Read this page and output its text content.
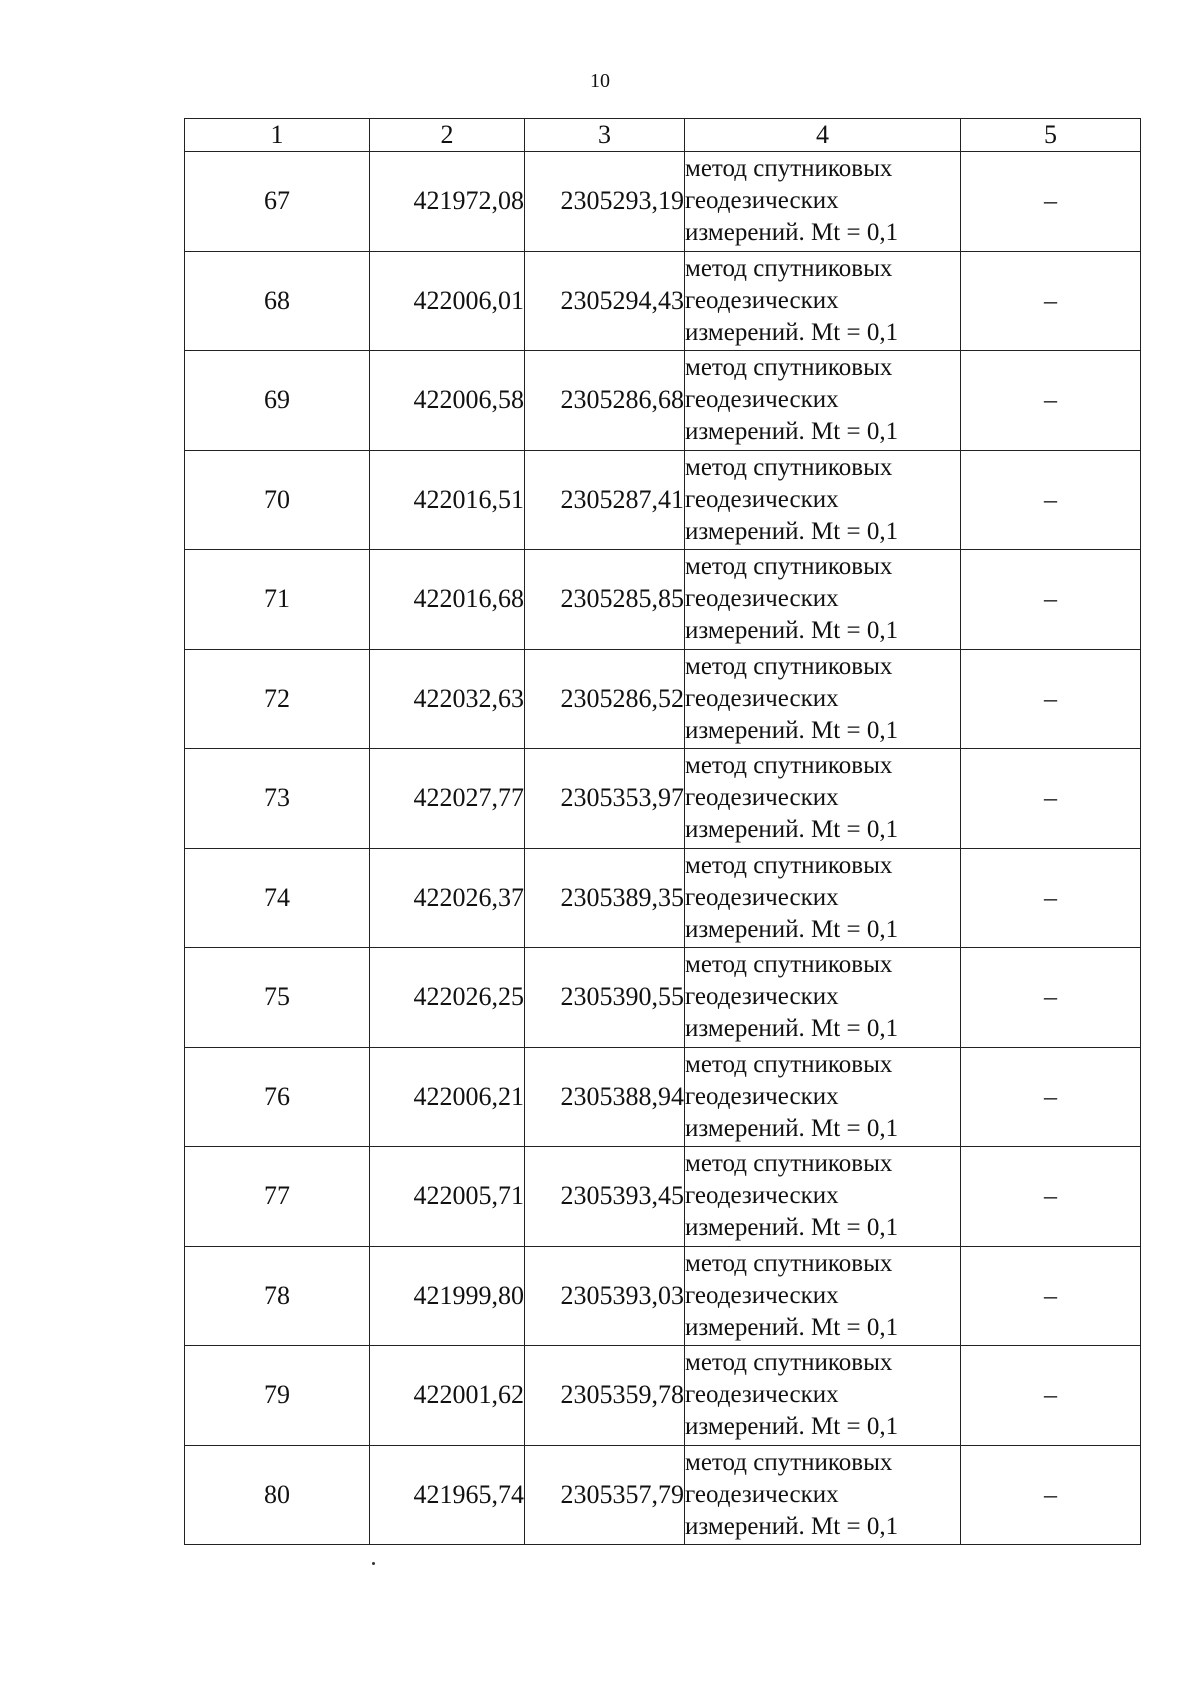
10
1	2	3	4	5
67	421972,08	2305293,19	метод спутниковых
геодезических
измерений. Mt = 0,1	–
68	422006,01	2305294,43	метод спутниковых
геодезических
измерений. Mt = 0,1	–
69	422006,58	2305286,68	метод спутниковых
геодезических
измерений. Mt = 0,1	–
70	422016,51	2305287,41	метод спутниковых
геодезических
измерений. Mt = 0,1	–
71	422016,68	2305285,85	метод спутниковых
геодезических
измерений. Mt = 0,1	–
72	422032,63	2305286,52	метод спутниковых
геодезических
измерений. Mt = 0,1	–
73	422027,77	2305353,97	метод спутниковых
геодезических
измерений. Mt = 0,1	–
74	422026,37	2305389,35	метод спутниковых
геодезических
измерений. Mt = 0,1	–
75	422026,25	2305390,55	метод спутниковых
геодезических
измерений. Mt = 0,1	–
76	422006,21	2305388,94	метод спутниковых
геодезических
измерений. Mt = 0,1	–
77	422005,71	2305393,45	метод спутниковых
геодезических
измерений. Mt = 0,1	–
78	421999,80	2305393,03	метод спутниковых
геодезических
измерений. Mt = 0,1	–
79	422001,62	2305359,78	метод спутниковых
геодезических
измерений. Mt = 0,1	–
80	421965,74	2305357,79	метод спутниковых
геодезических
измерений. Mt = 0,1	–
